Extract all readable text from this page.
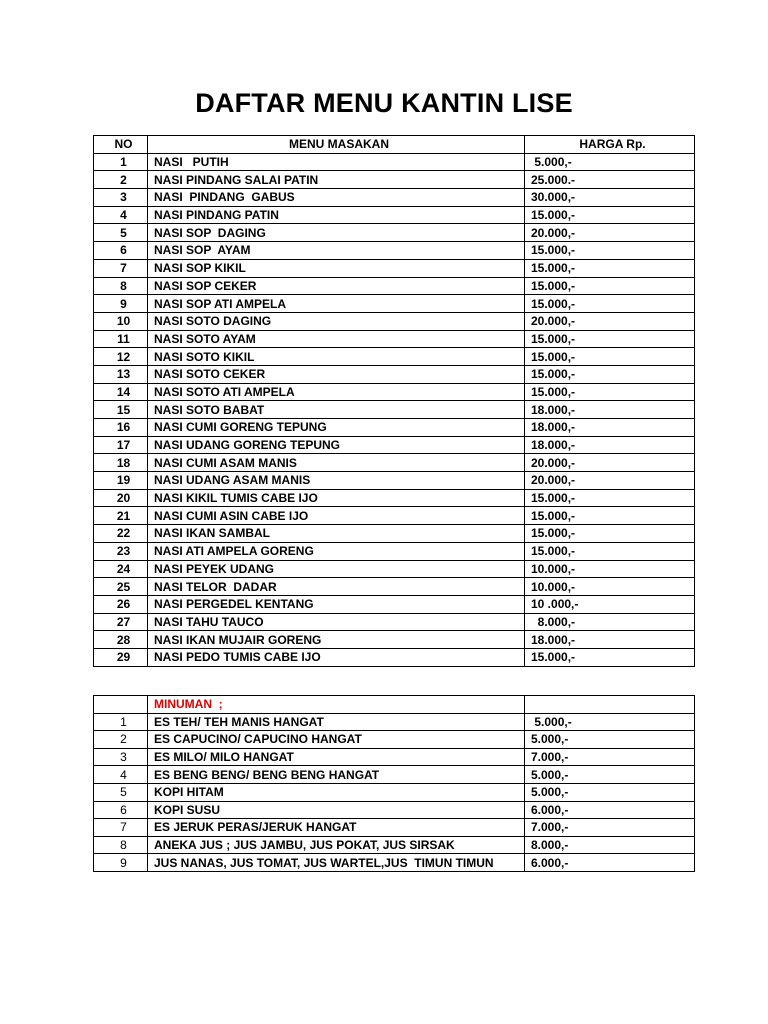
DAFTAR MENU KANTIN LISE
NO	MENU MASAKAN	HARGA Rp.
1	NASI   PUTIH	5.000,-
2	NASI PINDANG SALAI PATIN	25.000.-
3	NASI  PINDANG  GABUS	30.000,-
4	NASI PINDANG PATIN	15.000,-
5	NASI SOP  DAGING	20.000,-
6	NASI SOP  AYAM	15.000,-
7	NASI SOP KIKIL	15.000,-
8	NASI SOP CEKER	15.000,-
9	NASI SOP ATI AMPELA	15.000,-
10	NASI SOTO DAGING	20.000,-
11	NASI SOTO AYAM	15.000,-
12	NASI SOTO KIKIL	15.000,-
13	NASI SOTO CEKER	15.000,-
14	NASI SOTO ATI AMPELA	15.000,-
15	NASI SOTO BABAT	18.000,-
16	NASI CUMI GORENG TEPUNG	18.000,-
17	NASI UDANG GORENG TEPUNG	18.000,-
18	NASI CUMI ASAM MANIS	20.000,-
19	NASI UDANG ASAM MANIS	20.000,-
20	NASI KIKIL TUMIS CABE IJO	15.000,-
21	NASI CUMI ASIN CABE IJO	15.000,-
22	NASI IKAN SAMBAL	15.000,-
23	NASI ATI AMPELA GORENG	15.000,-
24	NASI PEYEK UDANG	10.000,-
25	NASI TELOR  DADAR	10.000,-
26	NASI PERGEDEL KENTANG	10 .000,-
27	NASI TAHU TAUCO	8.000,-
28	NASI IKAN MUJAIR GORENG	18.000,-
29	NASI PEDO TUMIS CABE IJO	15.000,-
	MINUMAN  ;	
1	ES TEH/ TEH MANIS HANGAT	5.000,-
2	ES CAPUCINO/ CAPUCINO HANGAT	5.000,-
3	ES MILO/ MILO HANGAT	7.000,-
4	ES BENG BENG/ BENG BENG HANGAT	5.000,-
5	KOPI HITAM	5.000,-
6	KOPI SUSU	6.000,-
7	ES JERUK PERAS/JERUK HANGAT	7.000,-
8	ANEKA JUS ; JUS JAMBU, JUS POKAT, JUS SIRSAK	8.000,-
9	JUS NANAS, JUS TOMAT, JUS WARTEL,JUS  TIMUN TIMUN	6.000,-
